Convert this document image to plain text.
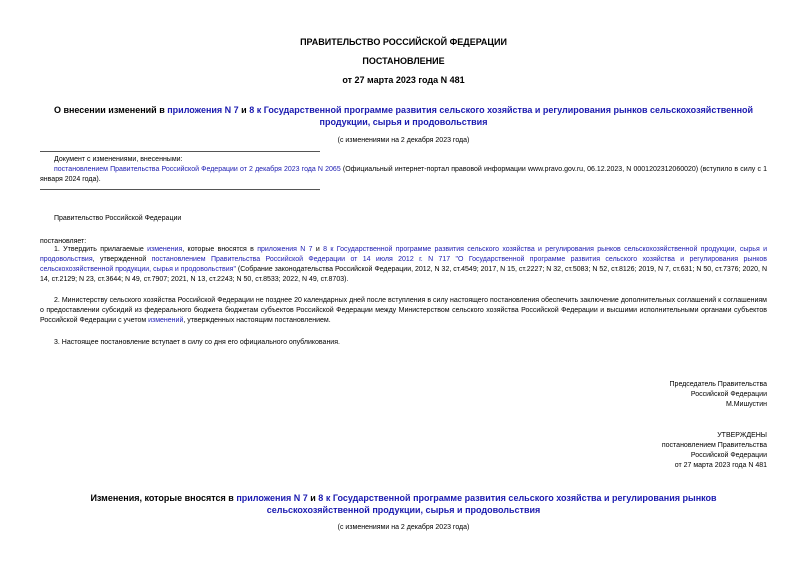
ПРАВИТЕЛЬСТВО РОССИЙСКОЙ ФЕДЕРАЦИИ
ПОСТАНОВЛЕНИЕ
от 27 марта 2023 года N 481
О внесении изменений в приложения N 7 и 8 к Государственной программе развития сельского хозяйства и регулирования рынков сельскохозяйственной продукции, сырья и продовольствия
(с изменениями на 2 декабря 2023 года)
Документ с изменениями, внесенными:
постановлением Правительства Российской Федерации от 2 декабря 2023 года N 2065 (Официальный интернет-портал правовой информации www.pravo.gov.ru, 06.12.2023, N 0001202312060020) (вступило в силу с 1 января 2024 года).
Правительство Российской Федерации
постановляет:
1. Утвердить прилагаемые изменения, которые вносятся в приложения N 7 и 8 к Государственной программе развития сельского хозяйства и регулирования рынков сельскохозяйственной продукции, сырья и продовольствия, утвержденной постановлением Правительства Российской Федерации от 14 июля 2012 г. N 717 "О Государственной программе развития сельского хозяйства и регулирования рынков сельскохозяйственной продукции, сырья и продовольствия" (Собрание законодательства Российской Федерации, 2012, N 32, ст.4549; 2017, N 15, ст.2227; N 32, ст.5083; N 52, ст.8126; 2019, N 7, ст.631; N 50, ст.7376; 2020, N 14, ст.2129; N 23, ст.3644; N 49, ст.7907; 2021, N 13, ст.2243; N 50, ст.8533; 2022, N 49, ст.8703).
2. Министерству сельского хозяйства Российской Федерации не позднее 20 календарных дней после вступления в силу настоящего постановления обеспечить заключение дополнительных соглашений к соглашениям о предоставлении субсидий из федерального бюджета бюджетам субъектов Российской Федерации между Министерством сельского хозяйства Российской Федерации и высшими исполнительными органами субъектов Российской Федерации с учетом изменений, утвержденных настоящим постановлением.
3. Настоящее постановление вступает в силу со дня его официального опубликования.

Председатель Правительства

Российской Федерации

М.Мишустин

УТВЕРЖДЕНЫ

постановлением Правительства

Российской Федерации

от 27 марта 2023 года N 481

Изменения, которые вносятся в приложения N 7 и 8 к Государственной программе развития сельского хозяйства и регулирования рынков сельскохозяйственной продукции, сырья и продовольствия
(с изменениями на 2 декабря 2023 года)
